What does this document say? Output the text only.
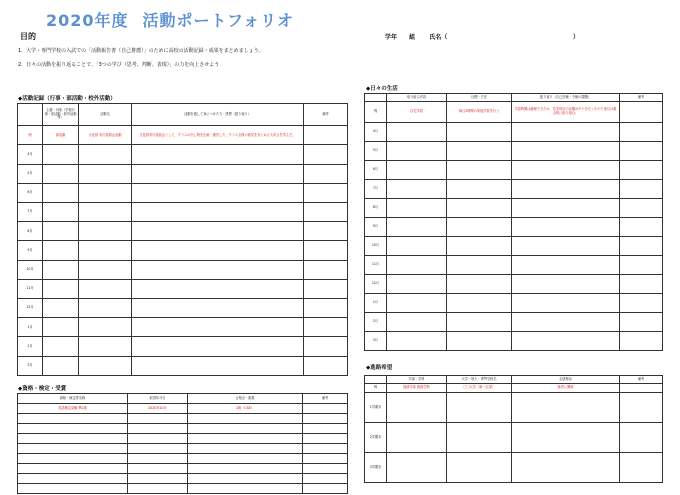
2020年度 活動ポートフォリオ
目的	学年 組 氏名（	）
1．大学・専門学校の入試での「活動報告書（自己推薦）」のために高校の活動記録・成果をまとめましょう。
2．日々の活動を振り返ることで、「3つの学び（思考、判断、表現）」の力を向上させよう
◆活動記録（行事・部活動・校外活動）
	主催・対象（学校行事・部活動・校外活動等）	活動名	活動を通して身につけた力・感想（振り返り）	備考
例	部活動	文化祭 実行委員会活動	文化祭実行委員会として、クラスの出し物を企画・運営した。クラス全員の意見をまとめる大切さを学んだ。	
4月				
5月				
6月				
7月				
8月				
9月				
10月				
11月				
12月				
1月				
2月				
3月				
◆資格・検定・受賞
資格・検定等名称	取得年月日	合格点・級数	備考
英語検定試験 準2級	2020年10月	2級（CSE）	

◆日々の生活
	取り組み内容	目標・方法	振り返り（自己評価・今後の課題）	備考
例	自宅学習	毎日2時間の家庭学習を行う	学習時間は確保できたが、苦手科目の克服が不十分だったので来月は重点的に取り組む。	
4月				
5月				
6月				
7月				
8月				
9月				
10月				
11月				
12月				
1月				
2月				
3月				
◆進路希望
	学部・学科	大学・短大・専門学校名	志望理由	備考
例	経済学部 経済学科	〇〇大学（第一志望）	経営に興味	
1学期末				
2学期末				
3学期末				
